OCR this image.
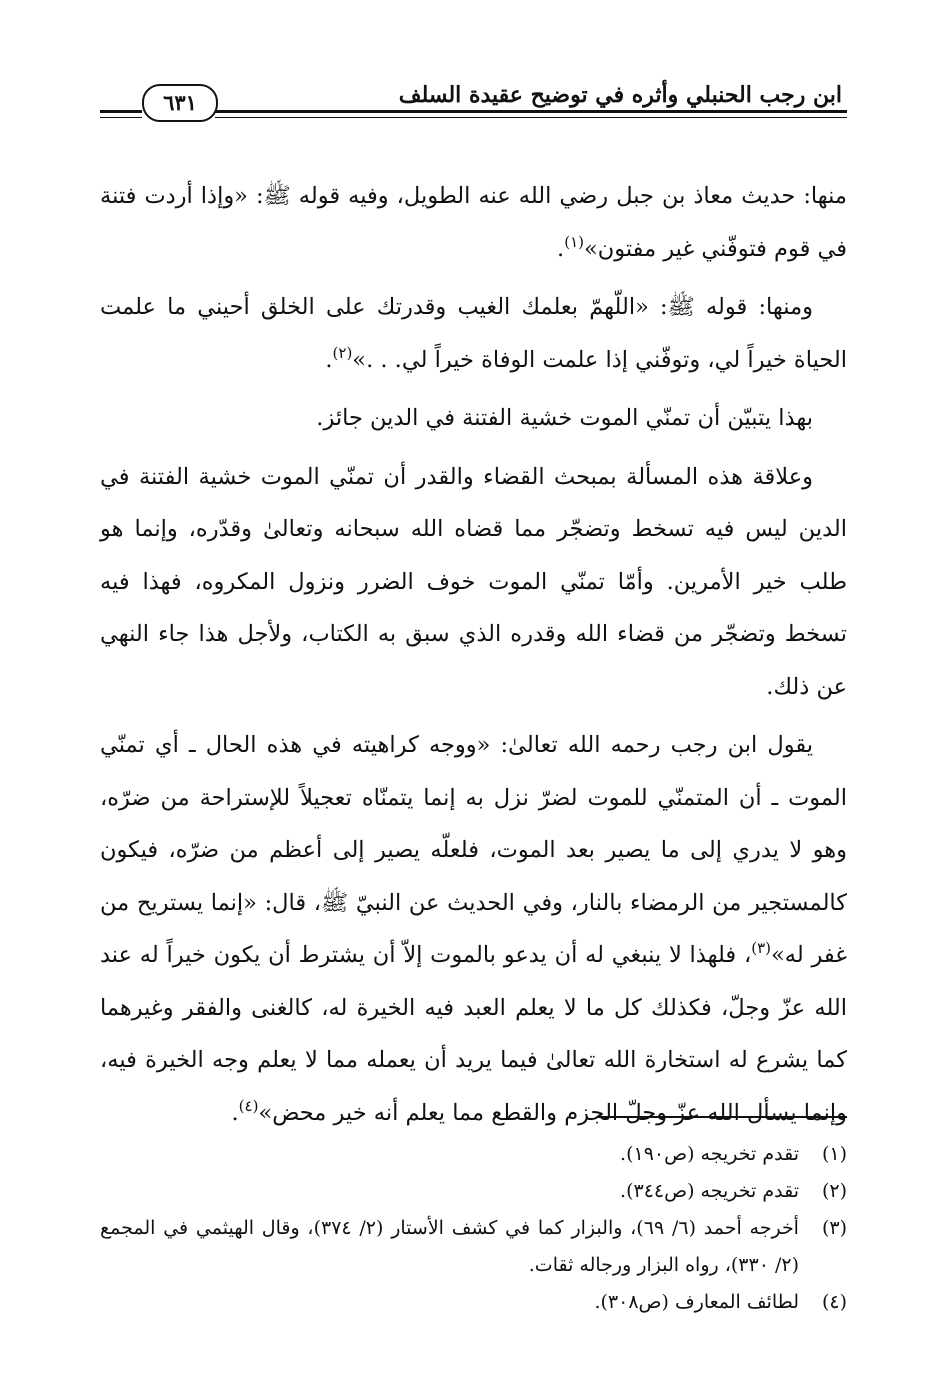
ابن رجب الحنبلي وأثره في توضيح عقيدة السلف
٦٣١

منها: حديث معاذ بن جبل رضي الله عنه الطويل، وفيه قوله ﷺ: «وإذا أردت فتنة في قوم فتوفّني غير مفتون»$^{(١)}$.

ومنها: قوله ﷺ: «اللّهمّ بعلمك الغيب وقدرتك على الخلق أحيني ما علمت الحياة خيراً لي، وتوفّني إذا علمت الوفاة خيراً لي. . .»$^{(٢)}$.

بهذا يتبيّن أن تمنّي الموت خشية الفتنة في الدين جائز.

وعلاقة هذه المسألة بمبحث القضاء والقدر أن تمنّي الموت خشية الفتنة في الدين ليس فيه تسخط وتضجّر مما قضاه الله سبحانه وتعالىٰ وقدّره، وإنما هو طلب خير الأمرين. وأمّا تمنّي الموت خوف الضرر ونزول المكروه، فهذا فيه تسخط وتضجّر من قضاء الله وقدره الذي سبق به الكتاب، ولأجل هذا جاء النهي عن ذلك.

يقول ابن رجب رحمه الله تعالىٰ: «ووجه كراهيته في هذه الحال ـ أي تمنّي الموت ـ أن المتمنّي للموت لضرّ نزل به إنما يتمنّاه تعجيلاً للإستراحة من ضرّه، وهو لا يدري إلى ما يصير بعد الموت، فلعلّه يصير إلى أعظم من ضرّه، فيكون كالمستجير من الرمضاء بالنار، وفي الحديث عن النبيّ ﷺ، قال: «إنما يستريح من غفر له»$^{(٣)}$، فلهذا لا ينبغي له أن يدعو بالموت إلاّ أن يشترط أن يكون خيراً له عند الله عزّ وجلّ، فكذلك كل ما لا يعلم العبد فيه الخيرة له، كالغنى والفقر وغيرهما كما يشرع له استخارة الله تعالىٰ فيما يريد أن يعمله مما لا يعلم وجه الخيرة فيه، وإنما يسأل الله عزّ وجلّ الجزم والقطع مما يعلم أنه خير محض»$^{(٤)}$.

(١)
تقدم تخريجه (ص١٩٠).
(٢)
تقدم تخريجه (ص٣٤٤).
(٣)
أخرجه أحمد (٦/ ٦٩)، والبزار كما في كشف الأستار (٢/ ٣٧٤)، وقال الهيثمي في المجمع (٢/ ٣٣٠)، رواه البزار ورجاله ثقات.
(٤)
لطائف المعارف (ص٣٠٨).
